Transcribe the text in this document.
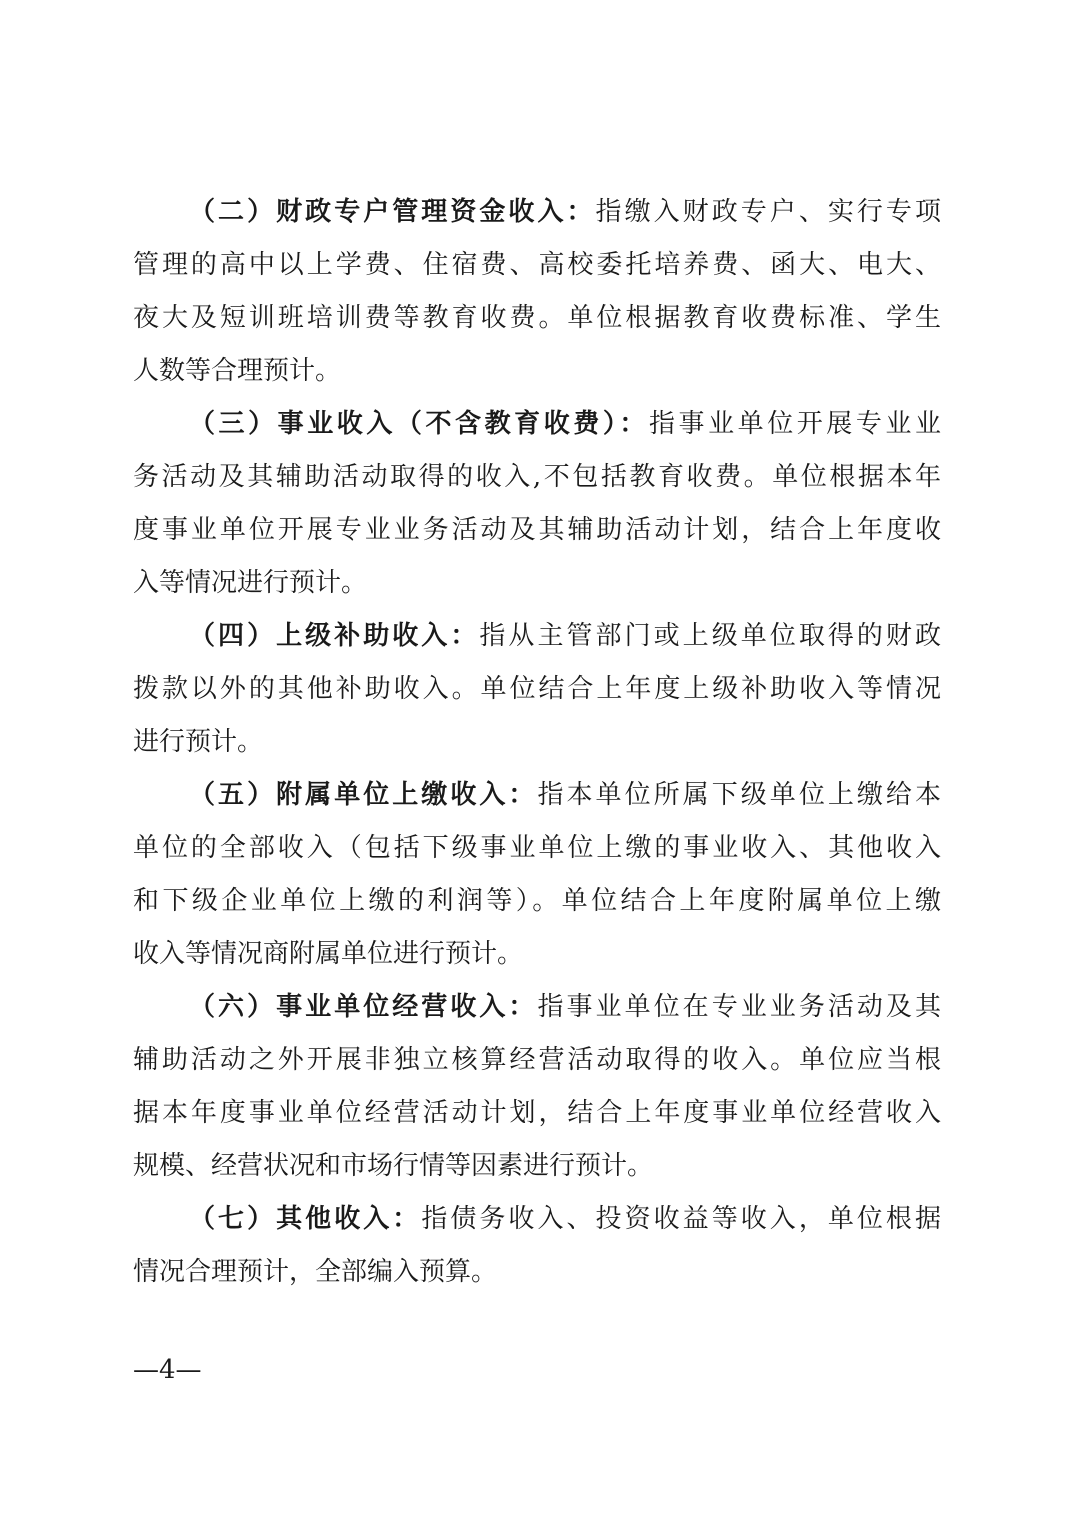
（二）财政专户管理资金收入：指缴入财政专户、实行专项
管理的高中以上学费、住宿费、高校委托培养费、函大、电大、
夜大及短训班培训费等教育收费。单位根据教育收费标准、学生
人数等合理预计。
（三）事业收入（不含教育收费）：指事业单位开展专业业
务活动及其辅助活动取得的收入,不包括教育收费。单位根据本年
度事业单位开展专业业务活动及其辅助活动计划，结合上年度收
入等情况进行预计。
（四）上级补助收入：指从主管部门或上级单位取得的财政
拨款以外的其他补助收入。单位结合上年度上级补助收入等情况
进行预计。
（五）附属单位上缴收入：指本单位所属下级单位上缴给本
单位的全部收入（包括下级事业单位上缴的事业收入、其他收入
和下级企业单位上缴的利润等）。单位结合上年度附属单位上缴
收入等情况商附属单位进行预计。
（六）事业单位经营收入：指事业单位在专业业务活动及其
辅助活动之外开展非独立核算经营活动取得的收入。单位应当根
据本年度事业单位经营活动计划，结合上年度事业单位经营收入
规模、经营状况和市场行情等因素进行预计。
（七）其他收入：指债务收入、投资收益等收入，单位根据
情况合理预计，全部编入预算。
—4—
